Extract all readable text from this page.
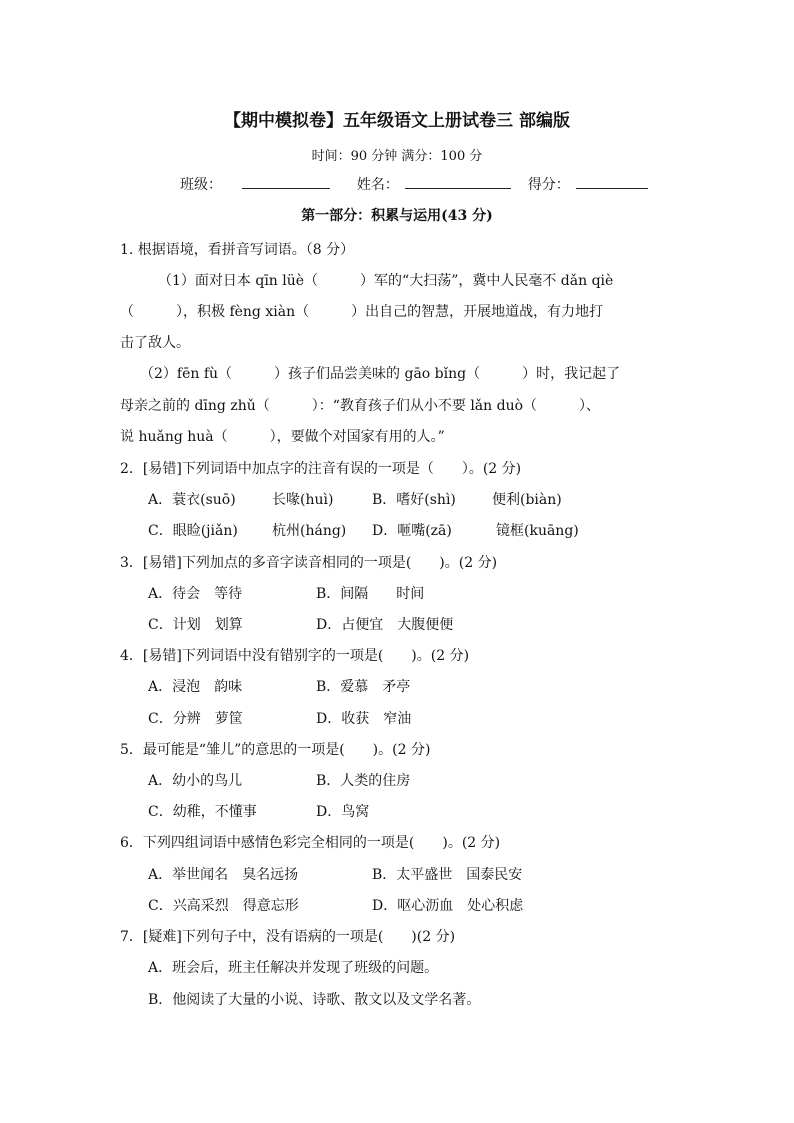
【期中模拟卷】五年级语文上册试卷三 部编版
时间：90 分钟 满分：100 分
班级：	姓名：	得分：
第一部分：积累与运用(43 分)
1. 根据语境，看拼音写词语。（8 分）
（1）面对日本 qīn lüè（　　　）军的“大扫荡”，冀中人民毫不 dǎn qiè
（　　　），积极 fèng xiàn（　　　）出自己的智慧，开展地道战，有力地打
击了敌人。
（2）fēn fù（　　　）孩子们品尝美味的 gāo bǐng（　　　）时，我记起了
母亲之前的 dīng zhǔ（　　　）：“教育孩子们从小不要 lǎn duò（　　　）、
说 huǎng huà（　　　），要做个对国家有用的人。”
2．[易错]下列词语中加点字的注音有误的一项是（　　）。(2 分)
A．蓑衣(suō)	长喙(huì)	B．嗜好(shì)	便利(biàn)
C．眼睑(jiǎn) 杭州(háng) D．咂嘴(zā)	镜框(kuāng)
3．[易错]下列加点的多音字读音相同的一项是(　　)。(2 分)
A．待会　等待	B．间隔　　时间
C．计划　划算	D．占便宜　大腹便便
4．[易错]下列词语中没有错别字的一项是(　　)。(2 分)
A．浸泡　韵味	B．爱慕　矛亭
C．分辨　萝筐	D．收获　窄油
5．最可能是“雏儿”的意思的一项是(　　)。(2 分)
A．幼小的鸟儿	B．人类的住房
C．幼稚，不懂事	D．鸟窝
6．下列四组词语中感情色彩完全相同的一项是(　　)。(2 分)
A．举世闻名　臭名远扬	B．太平盛世　国泰民安
C．兴高采烈　得意忘形	D．呕心沥血　处心积虑
7．[疑难]下列句子中，没有语病的一项是(　　)(2 分)
A．班会后，班主任解决并发现了班级的问题。
B．他阅读了大量的小说、诗歌、散文以及文学名著。
